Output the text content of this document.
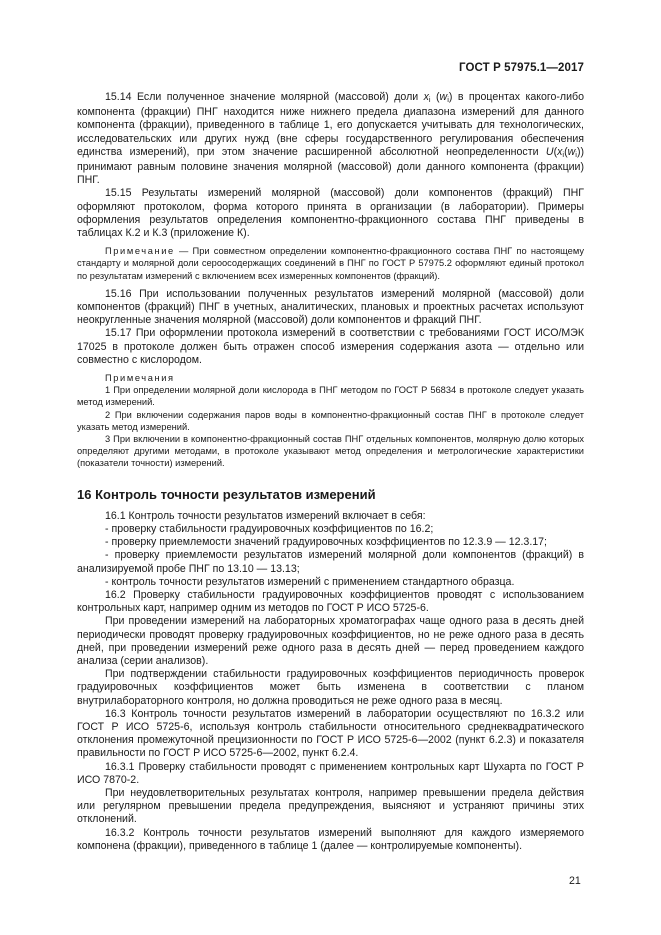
ГОСТ Р 57975.1—2017

15.14 Если полученное значение молярной (массовой) доли $x_i$ $(w_i)$ в процентах какого-либо компонента (фракции) ПНГ находится ниже нижнего предела диапазона измерений для данного компонента (фракции), приведенного в таблице 1, его допускается учитывать для технологических, исследовательских или других нужд (вне сферы государственного регулирования обеспечения единства измерений), при этом значение расширенной абсолютной неопределенности $U(x_i(w_i))$ принимают равным половине значения молярной (массовой) доли данного компонента (фракции) ПНГ.

15.15 Результаты измерений молярной (массовой) доли компонентов (фракций) ПНГ оформляют протоколом, форма которого принята в организации (в лаборатории). Примеры оформления результатов определения компонентно-фракционного состава ПНГ приведены в таблицах К.2 и К.3 (приложение К).

Примечание — При совместном определении компонентно-фракционного состава ПНГ по настоящему стандарту и молярной доли сероосодержащих соединений в ПНГ по ГОСТ Р 57975.2 оформляют единый протокол по результатам измерений с включением всех измеренных компонентов (фракций).

15.16 При использовании полученных результатов измерений молярной (массовой) доли компонентов (фракций) ПНГ в учетных, аналитических, плановых и проектных расчетах используют неокругленные значения молярной (массовой) доли компонентов и фракций ПНГ.

15.17 При оформлении протокола измерений в соответствии с требованиями ГОСТ ИСО/МЭК 17025 в протоколе должен быть отражен способ измерения содержания азота — отдельно или совместно с кислородом.

Примечания

1 При определении молярной доли кислорода в ПНГ методом по ГОСТ Р 56834 в протоколе следует указать метод измерений.

2 При включении содержания паров воды в компонентно-фракционный состав ПНГ в протоколе следует указать метод измерений.

3 При включении в компонентно-фракционный состав ПНГ отдельных компонентов, молярную долю которых определяют другими методами, в протоколе указывают метод определения и метрологические характеристики (показатели точности) измерений.

16 Контроль точности результатов измерений

16.1 Контроль точности результатов измерений включает в себя:

- проверку стабильности градуировочных коэффициентов по 16.2;

- проверку приемлемости значений градуировочных коэффициентов по 12.3.9 — 12.3.17;

- проверку приемлемости результатов измерений молярной доли компонентов (фракций) в анализируемой пробе ПНГ по 13.10 — 13.13;

- контроль точности результатов измерений с применением стандартного образца.

16.2 Проверку стабильности градуировочных коэффициентов проводят с использованием контрольных карт, например одним из методов по ГОСТ Р ИСО 5725-6.

При проведении измерений на лабораторных хроматографах чаще одного раза в десять дней периодически проводят проверку градуировочных коэффициентов, но не реже одного раза в десять дней, при проведении измерений реже одного раза в десять дней — перед проведением каждого анализа (серии анализов).

При подтверждении стабильности градуировочных коэффициентов периодичность проверок градуировочных коэффициентов может быть изменена в соответствии с планом внутрилабораторного контроля, но должна проводиться не реже одного раза в месяц.

16.3 Контроль точности результатов измерений в лаборатории осуществляют по 16.3.2 или ГОСТ Р ИСО 5725-6, используя контроль стабильности относительного среднеквадратического отклонения промежуточной прецизионности по ГОСТ Р ИСО 5725-6—2002 (пункт 6.2.3) и показателя правильности по ГОСТ Р ИСО 5725-6—2002, пункт 6.2.4.

16.3.1 Проверку стабильности проводят с применением контрольных карт Шухарта по ГОСТ Р ИСО 7870-2.

При неудовлетворительных результатах контроля, например превышении предела действия или регулярном превышении предела предупреждения, выясняют и устраняют причины этих отклонений.

16.3.2 Контроль точности результатов измерений выполняют для каждого измеряемого компонена (фракции), приведенного в таблице 1 (далее — контролируемые компоненты).

21
